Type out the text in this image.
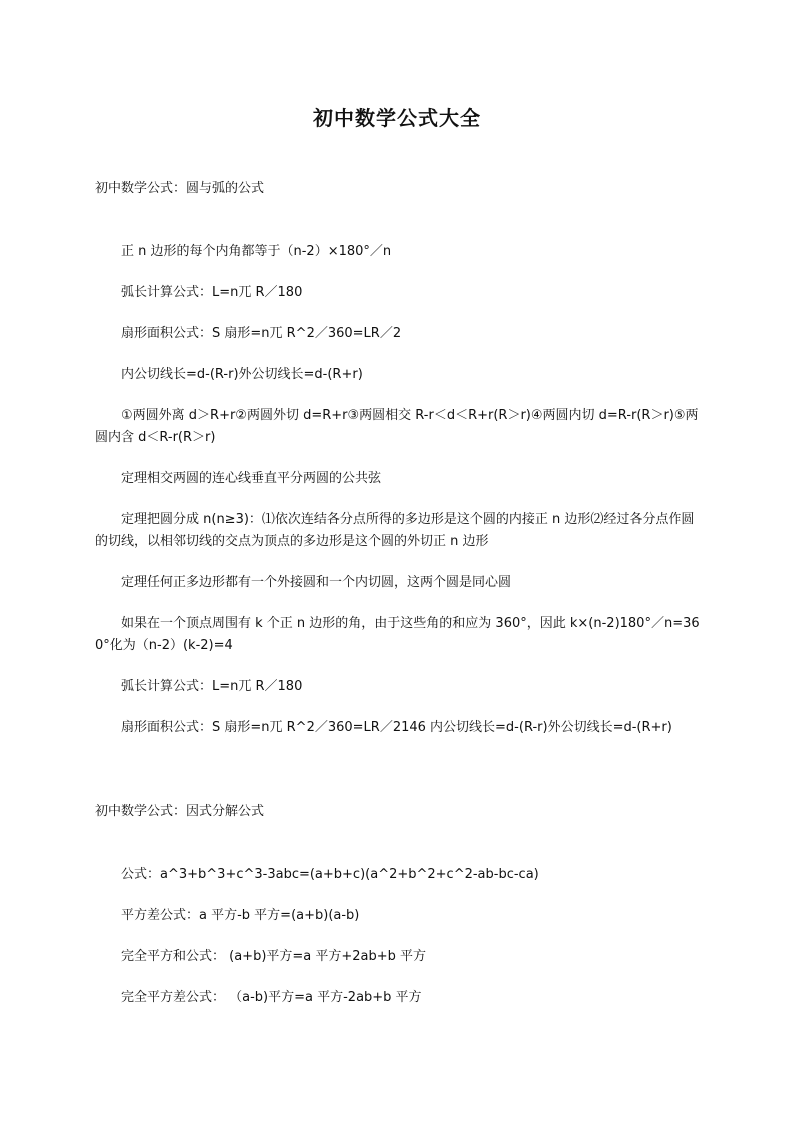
初中数学公式大全
初中数学公式：圆与弧的公式
正 n 边形的每个内角都等于（n-2）×180°／n
弧长计算公式：L=n兀 R／180
扇形面积公式：S 扇形=n兀 R^2／360=LR／2
内公切线长=d-(R-r)外公切线长=d-(R+r)
①两圆外离 d＞R+r②两圆外切 d=R+r③两圆相交 R-r＜d＜R+r(R＞r)④两圆内切 d=R-r(R＞r)⑤两圆内含 d＜R-r(R＞r)
定理相交两圆的连心线垂直平分两圆的公共弦
定理把圆分成 n(n≥3)：⑴依次连结各分点所得的多边形是这个圆的内接正 n 边形⑵经过各分点作圆的切线，以相邻切线的交点为顶点的多边形是这个圆的外切正 n 边形
定理任何正多边形都有一个外接圆和一个内切圆，这两个圆是同心圆
如果在一个顶点周围有 k 个正 n 边形的角，由于这些角的和应为 360°，因此 k×(n-2)180°／n=360°化为（n-2）(k-2)=4
弧长计算公式：L=n兀 R／180
扇形面积公式：S 扇形=n兀 R^2／360=LR／2146 内公切线长=d-(R-r)外公切线长=d-(R+r)
初中数学公式：因式分解公式
公式：a^3+b^3+c^3-3abc=(a+b+c)(a^2+b^2+c^2-ab-bc-ca)
平方差公式：a 平方-b 平方=(a+b)(a-b)
完全平方和公式： (a+b)平方=a 平方+2ab+b 平方
完全平方差公式： （a-b)平方=a 平方-2ab+b 平方
